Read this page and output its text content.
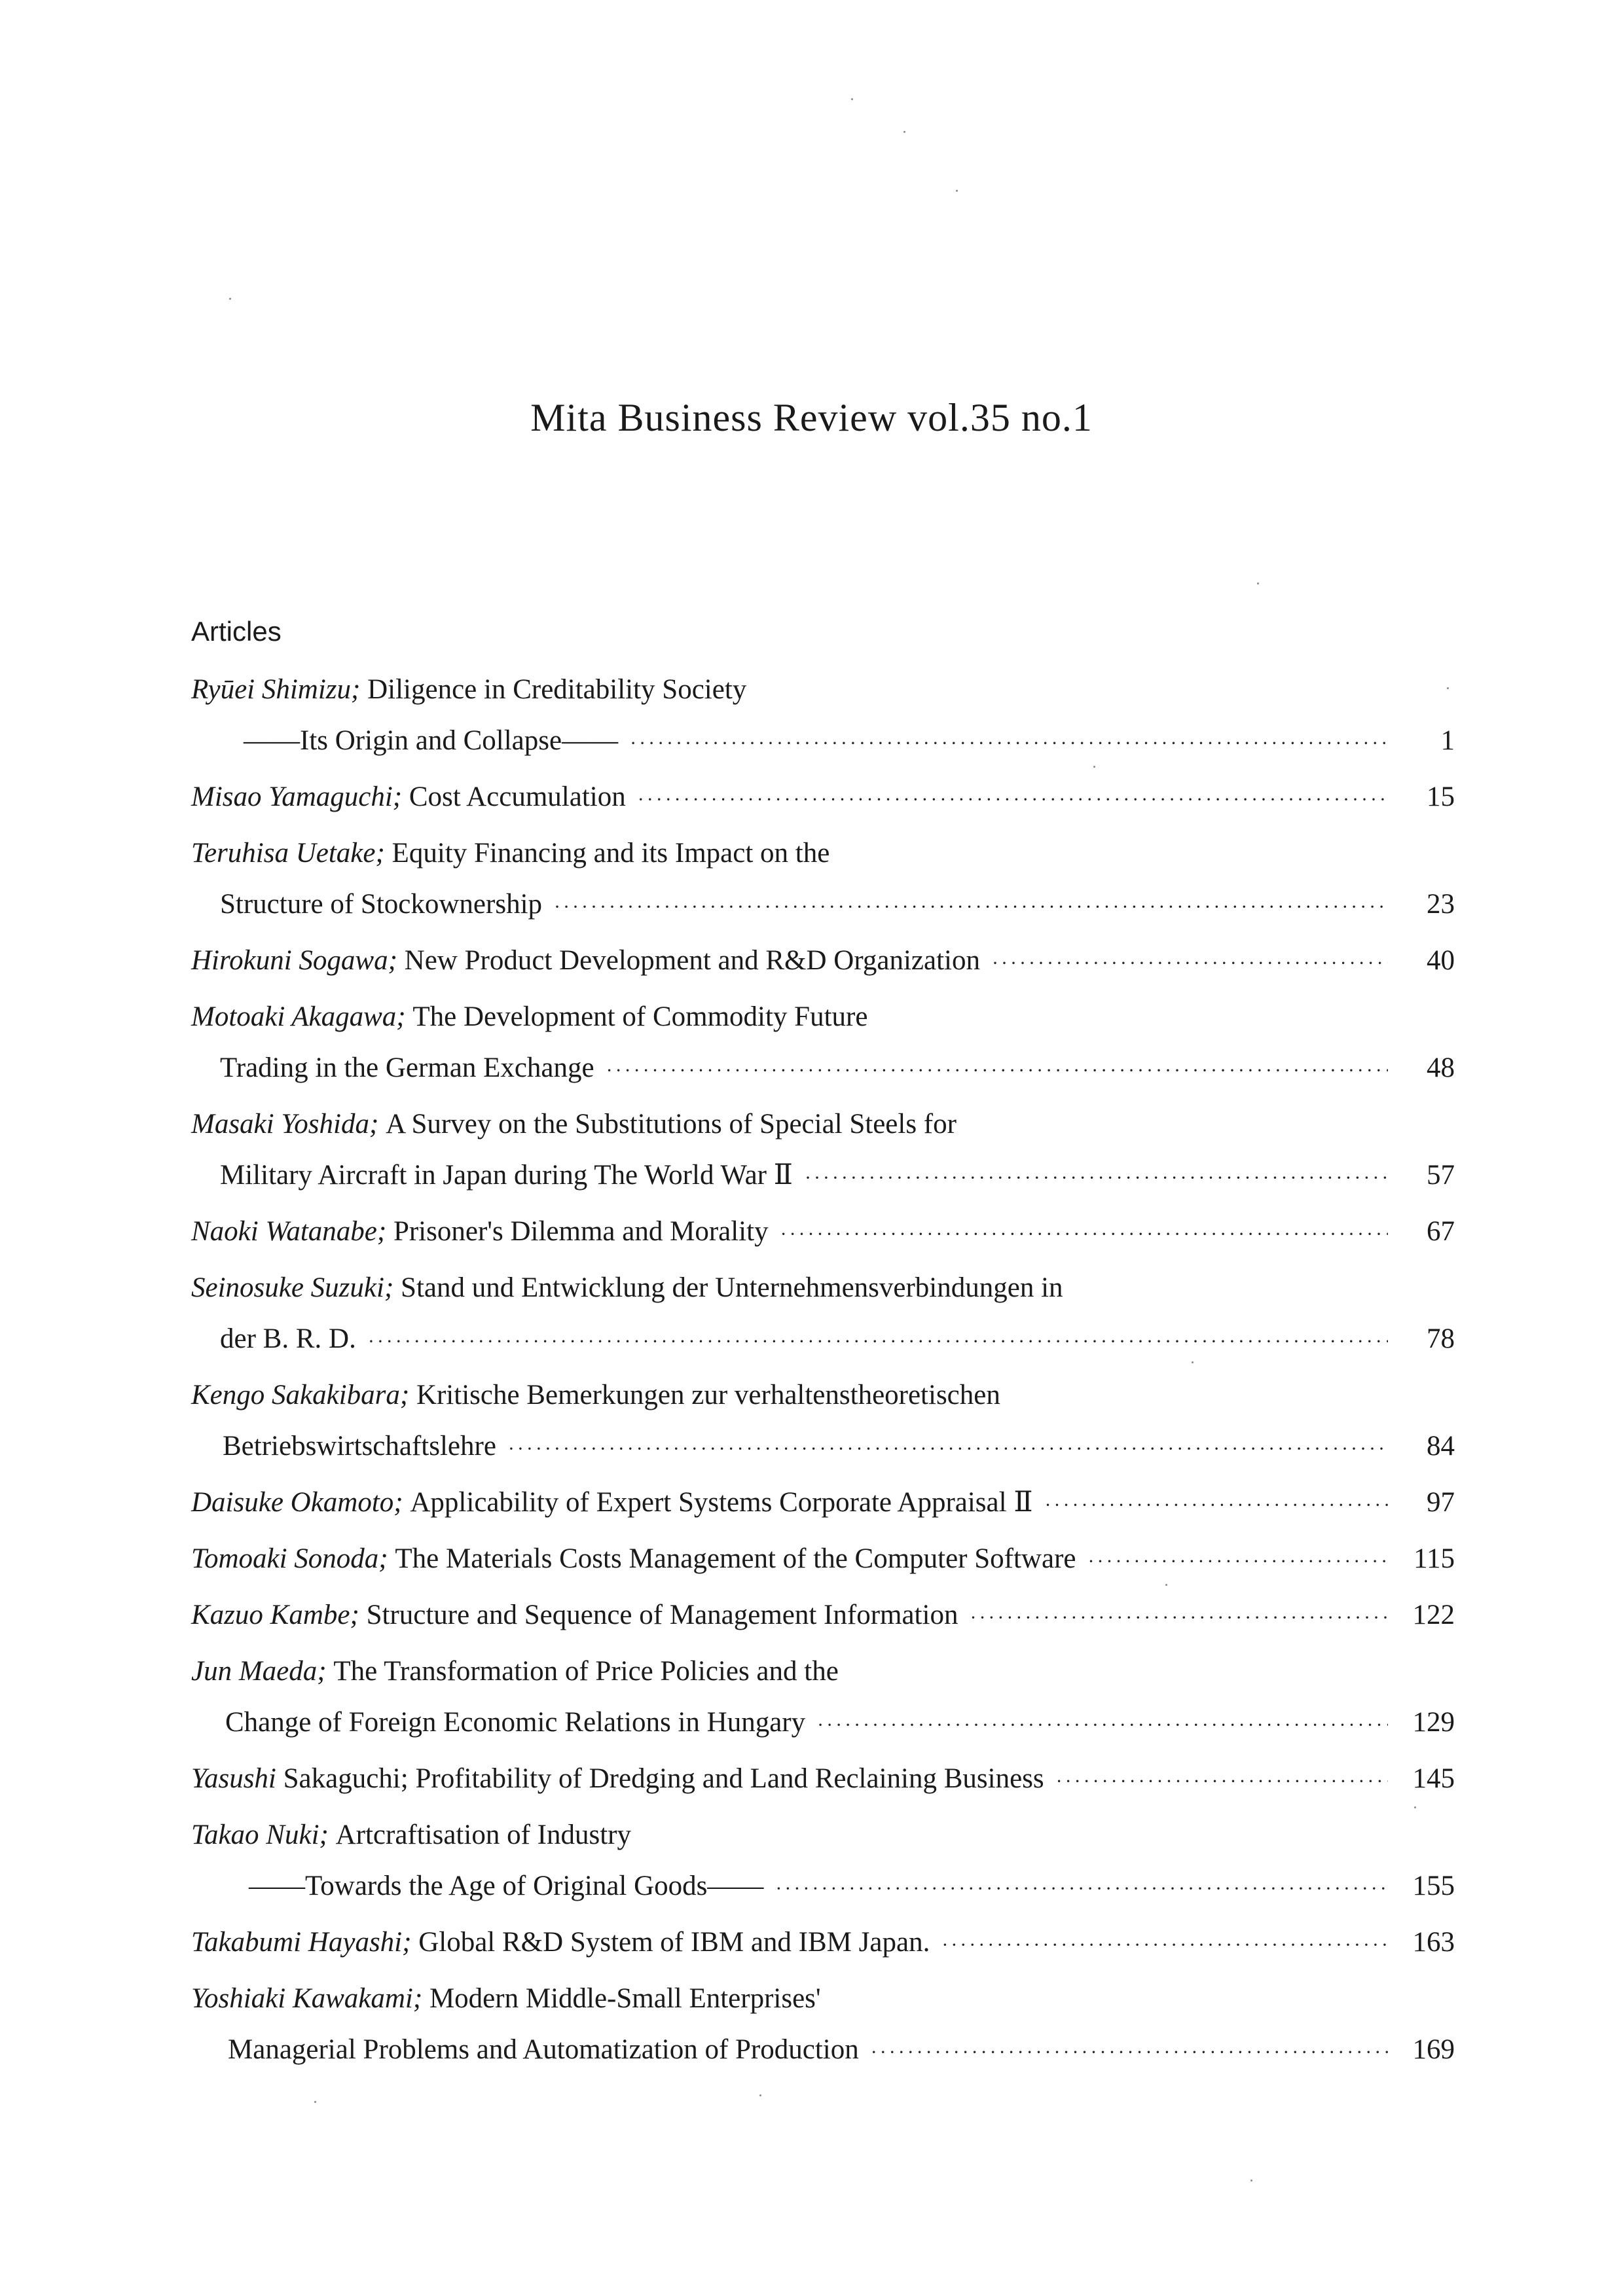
Mita Business Review vol.35 no.1
Articles
Ryūei Shimizu;
Diligence in Creditability Society
——Its Origin and Collapse—— ·····	1
Misao Yamaguchi;
Cost Accumulation ·····	15
Teruhisa Uetake;
Equity Financing and its Impact on the
Structure of Stockownership ·····	23
Hirokuni Sogawa;
New Product Development and R&D Organization ·····	40
Motoaki Akagawa;
The Development of Commodity Future
Trading in the German Exchange ·····	48
Masaki Yoshida;
A Survey on the Substitutions of Special Steels for
Military Aircraft in Japan during The World War Ⅱ ·····	57
Naoki Watanabe;
Prisoner's Dilemma and Morality ·····	67
Seinosuke Suzuki;
Stand und Entwicklung der Unternehmensverbindungen in
der B. R. D. ·····	78
Kengo Sakakibara;
Kritische Bemerkungen zur verhaltenstheoretischen
Betriebswirtschaftslehre ·····	84
Daisuke Okamoto;
Applicability of Expert Systems Corporate Appraisal Ⅱ ·····	97
Tomoaki Sonoda;
The Materials Costs Management of the Computer Software ·····	115
Kazuo Kambe;
Structure and Sequence of Management Information ·····	122
Jun Maeda;
The Transformation of Price Policies and the
Change of Foreign Economic Relations in Hungary ·····	129
Yasushi
Sakaguchi;
Profitability of Dredging and Land Reclaining Business ·····	145
Takao Nuki;
Artcraftisation of Industry
——Towards the Age of Original Goods—— ·····	155
Takabumi Hayashi;
Global R&D System of IBM and IBM Japan. ·····	163
Yoshiaki Kawakami;
Modern Middle-Small Enterprises'
Managerial Problems and Automatization of Production ·····	169
